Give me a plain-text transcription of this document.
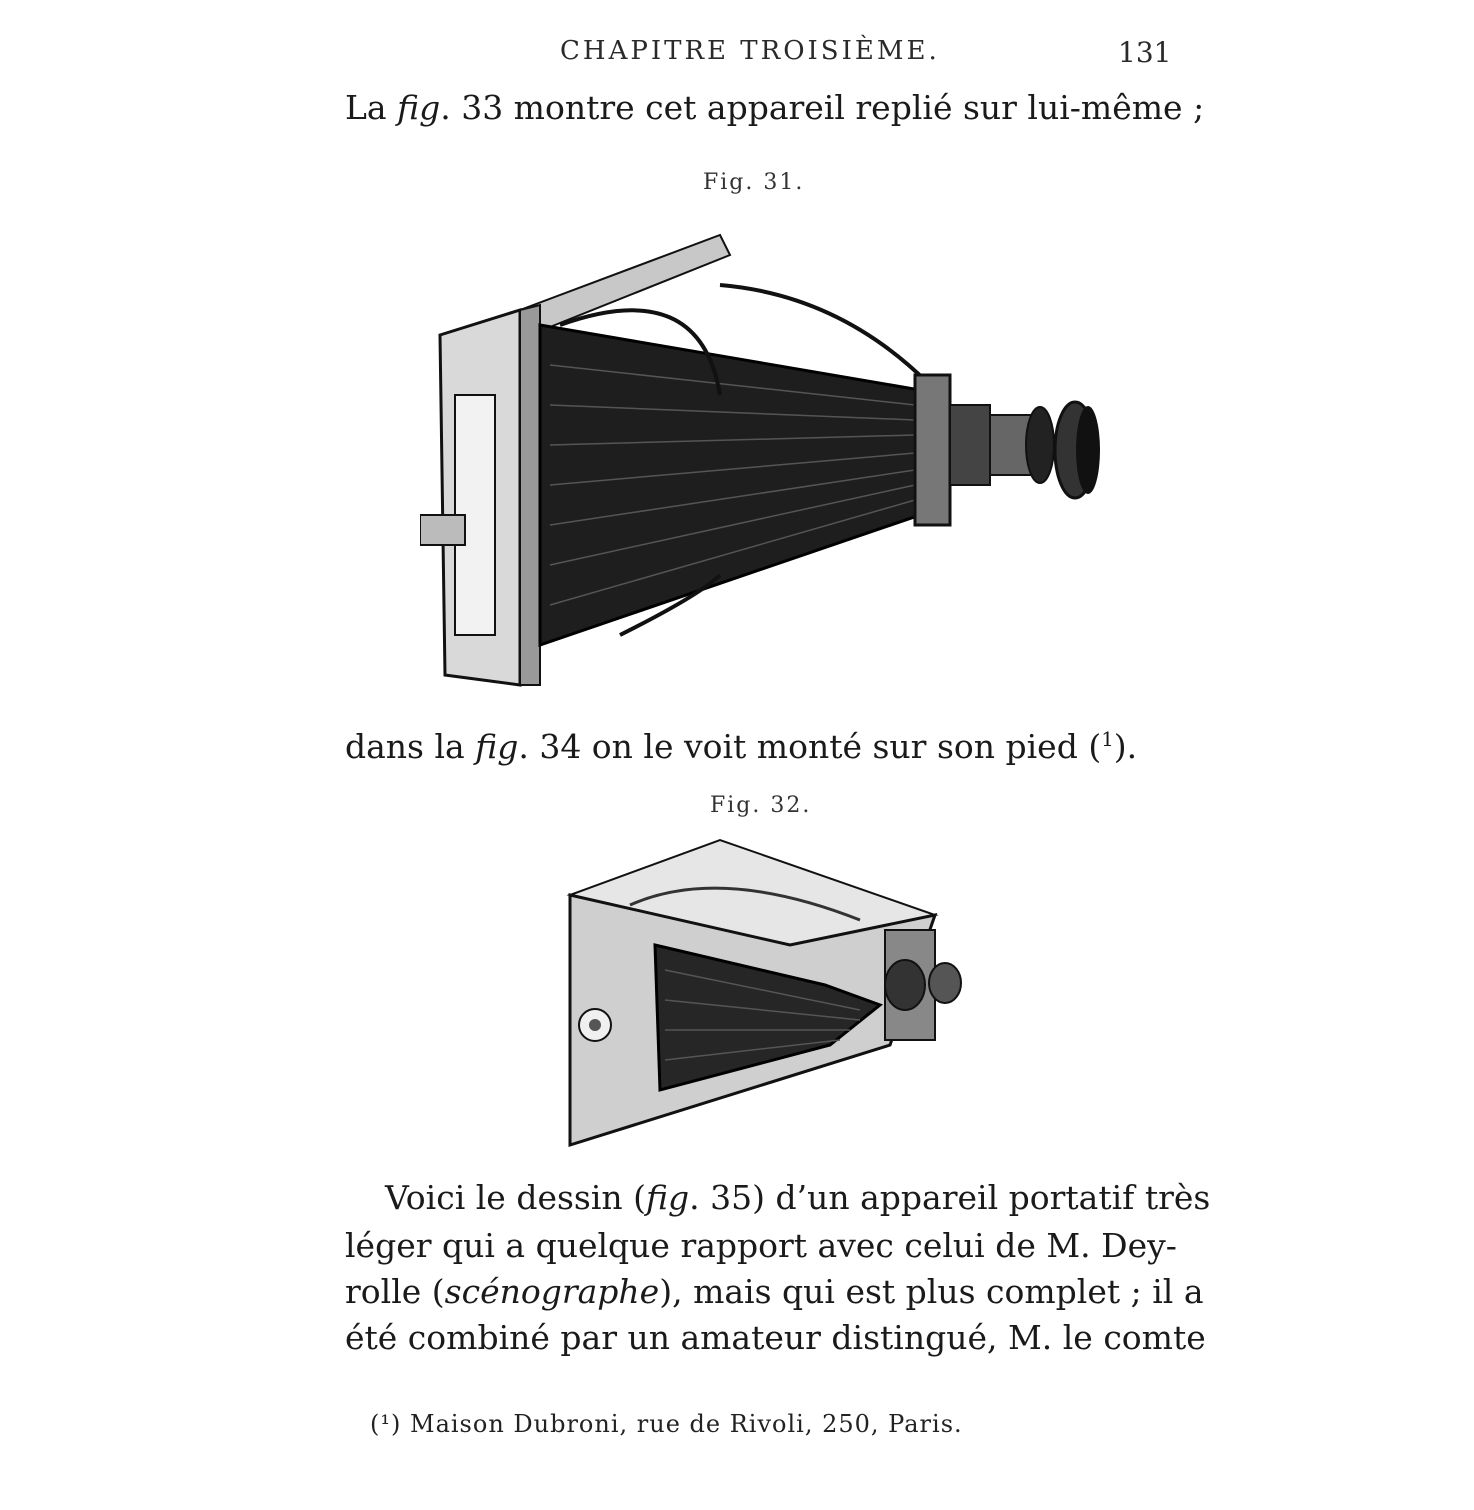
CHAPITRE TROISIÈME.	131
La fig. 33 montre cet appareil replié sur lui-même ;
Fig. 31.
dans la fig. 34 on le voit monté sur son pied ($^1$).
Fig. 32.
Voici le dessin (fig. 35) d’un appareil portatif très
léger qui a quelque rapport avec celui de M. Dey-
rolle (scénographe), mais qui est plus complet ; il a
été combiné par un amateur distingué, M. le comte
(¹) Maison Dubroni, rue de Rivoli, 250, Paris.
